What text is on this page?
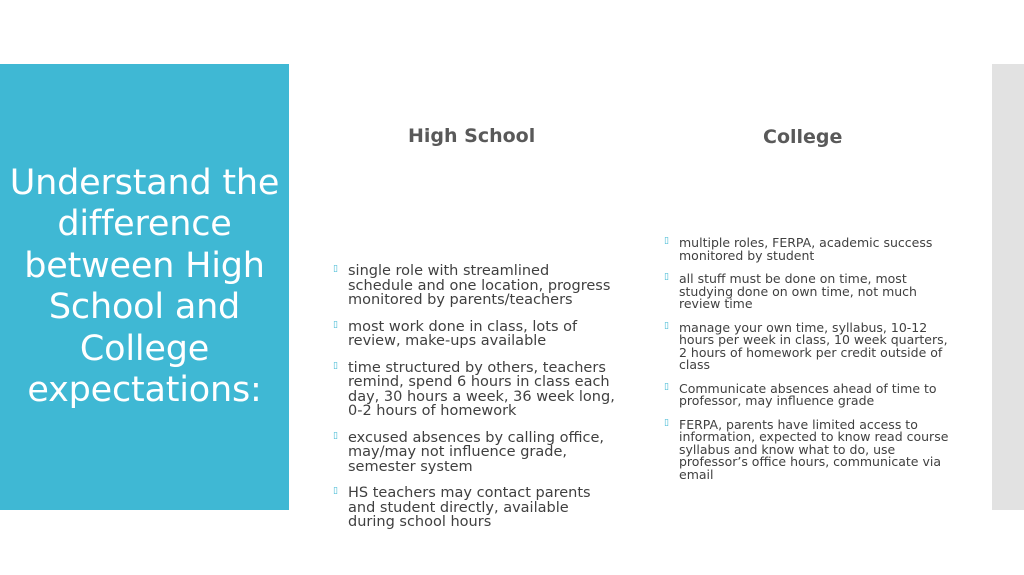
Understand the difference between High School and College expectations:
High School	College
▯ single role with streamlined schedule and one location, progress monitored by parents/teachers
▯ most work done in class, lots of review, make-ups available
▯ time structured by others, teachers remind, spend 6 hours in class each day, 30 hours a week, 36 week long, 0-2 hours of homework
▯ excused absences by calling office, may/may not influence grade, semester system
▯ HS teachers may contact parents and student directly, available during school hours
▯ multiple roles, FERPA, academic success monitored by student
▯ all stuff must be done on time, most studying done on own time, not much review time
▯ manage your own time, syllabus, 10-12 hours per week in class, 10 week quarters, 2 hours of homework per credit outside of class
▯ Communicate absences ahead of time to professor, may influence grade
▯ FERPA, parents have limited access to information, expected to know read course syllabus and know what to do, use professor’s office hours, communicate via email
